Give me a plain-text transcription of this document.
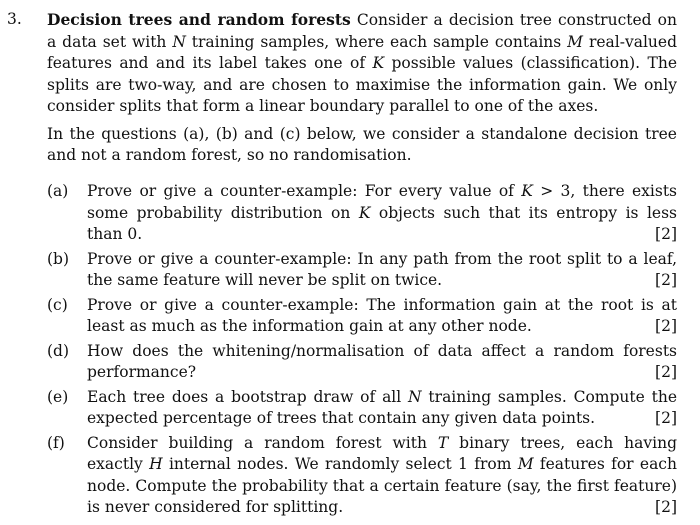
3. Decision trees and random forests Consider a decision tree constructed on a data set with N training samples, where each sample contains M real-valued features and and its label takes one of K possible values (classification). The splits are two-way, and are chosen to maximise the information gain. We only consider splits that form a linear boundary parallel to one of the axes.

In the questions (a), (b) and (c) below, we consider a standalone decision tree and not a random forest, so no randomisation.

(a) Prove or give a counter-example: For every value of K > 3, there exists some probability distribution on K objects such that its entropy is less than 0.	[2]
(b) Prove or give a counter-example: In any path from the root split to a leaf, the same feature will never be split on twice.	[2]
(c) Prove or give a counter-example: The information gain at the root is at least as much as the information gain at any other node.	[2]
(d) How does the whitening/normalisation of data affect a random forests performance?	[2]
(e) Each tree does a bootstrap draw of all N training samples. Compute the expected percentage of trees that contain any given data points.	[2]
(f) Consider building a random forest with T binary trees, each having exactly H internal nodes. We randomly select 1 from M features for each node. Compute the probability that a certain feature (say, the first feature) is never considered for splitting.	[2]
